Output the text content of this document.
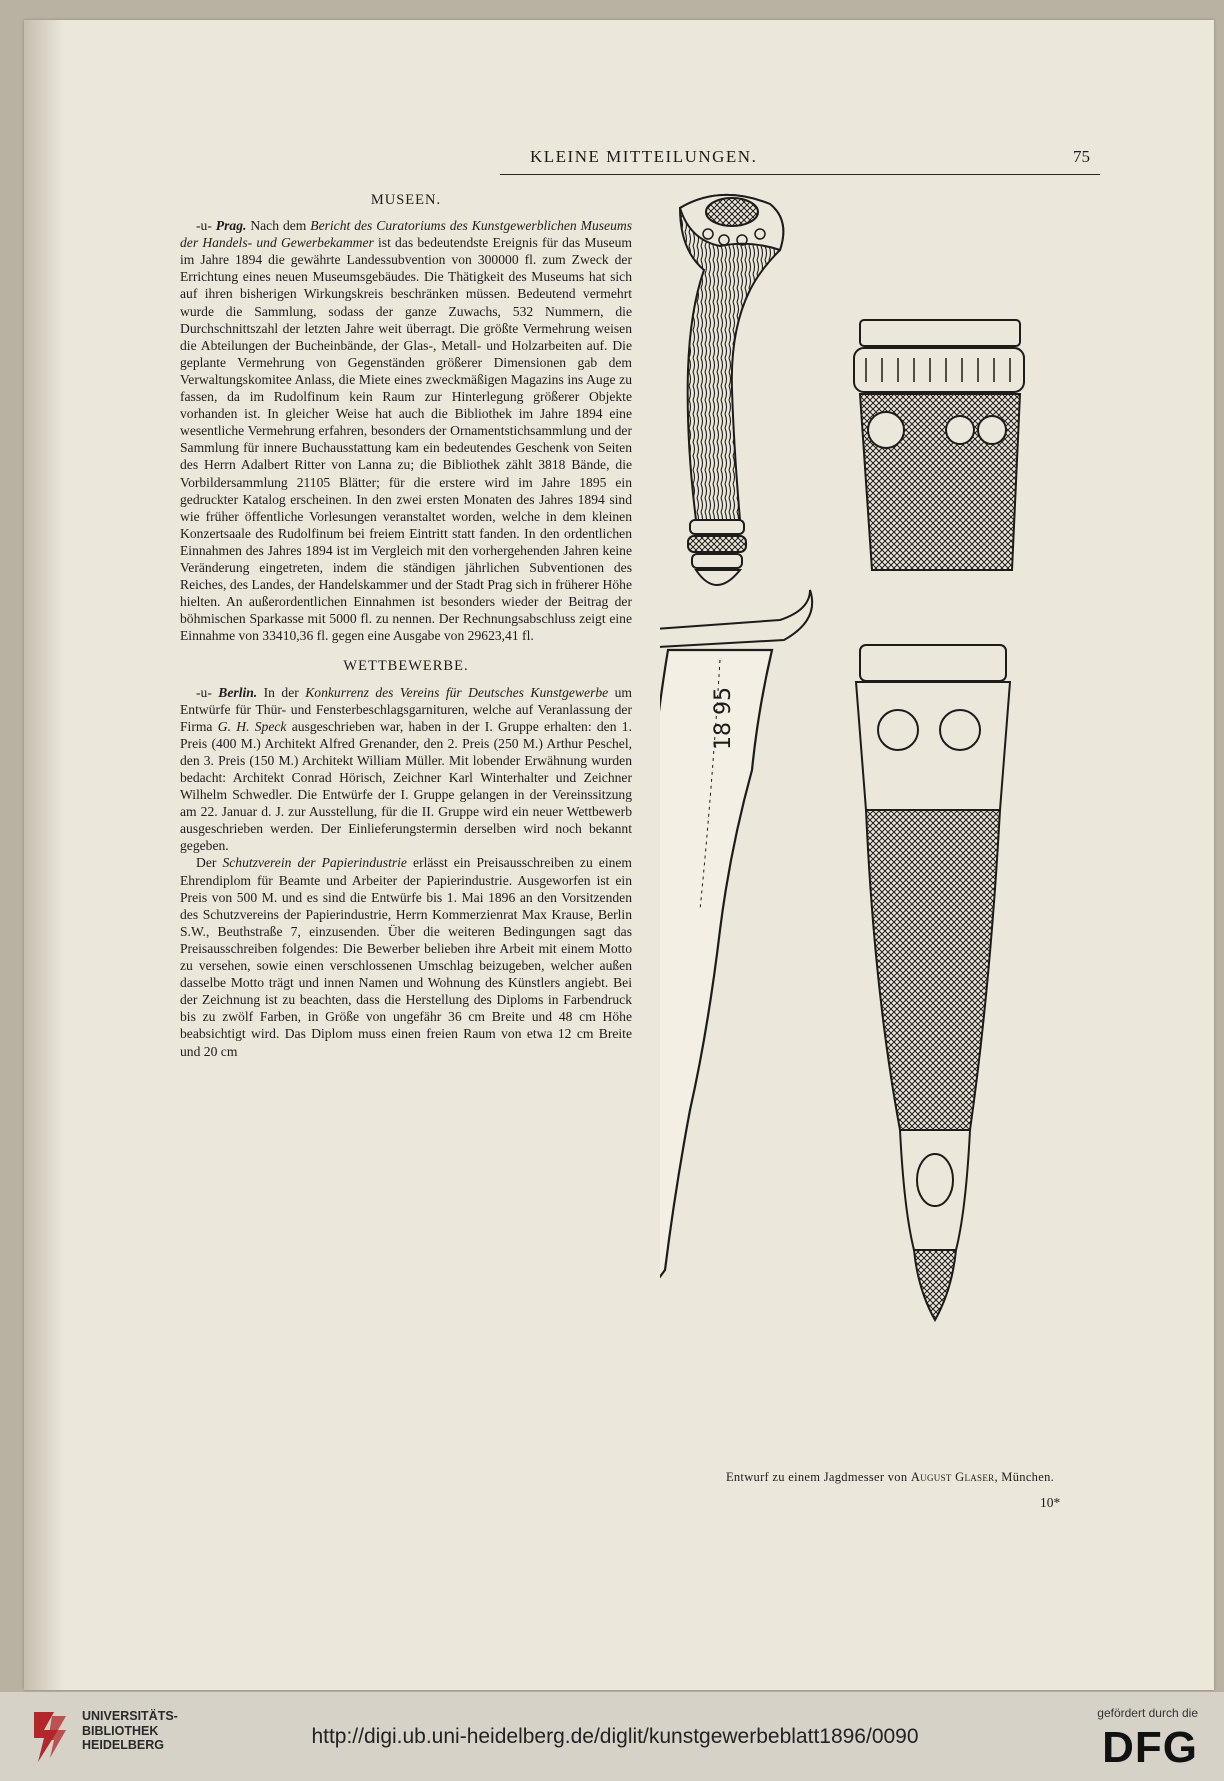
KLEINE MITTEILUNGEN.	75
MUSEEN.

-u- Prag. Nach dem Bericht des Curatoriums des Kunstgewerblichen Museums der Handels- und Gewerbekammer ist das bedeutendste Ereignis für das Museum im Jahre 1894 die gewährte Landessubvention von 300000 fl. zum Zweck der Errichtung eines neuen Museumsgebäudes. Die Thätigkeit des Museums hat sich auf ihren bisherigen Wirkungskreis beschränken müssen. Bedeutend vermehrt wurde die Sammlung, sodass der ganze Zuwachs, 532 Nummern, die Durchschnittszahl der letzten Jahre weit überragt. Die größte Vermehrung weisen die Abteilungen der Bucheinbände, der Glas-, Metall- und Holzarbeiten auf. Die geplante Vermehrung von Gegenständen größerer Dimensionen gab dem Verwaltungskomitee Anlass, die Miete eines zweckmäßigen Magazins ins Auge zu fassen, da im Rudolfinum kein Raum zur Hinterlegung größerer Objekte vorhanden ist. In gleicher Weise hat auch die Bibliothek im Jahre 1894 eine wesentliche Vermehrung erfahren, besonders der Ornamentstichsammlung und der Sammlung für innere Buchausstattung kam ein bedeutendes Geschenk von Seiten des Herrn Adalbert Ritter von Lanna zu; die Bibliothek zählt 3818 Bände, die Vorbildersammlung 21105 Blätter; für die erstere wird im Jahre 1895 ein gedruckter Katalog erscheinen. In den zwei ersten Monaten des Jahres 1894 sind wie früher öffentliche Vorlesungen veranstaltet worden, welche in dem kleinen Konzertsaale des Rudolfinum bei freiem Eintritt statt fanden. In den ordentlichen Einnahmen des Jahres 1894 ist im Vergleich mit den vorhergehenden Jahren keine Veränderung eingetreten, indem die ständigen jährlichen Subventionen des Reiches, des Landes, der Handelskammer und der Stadt Prag sich in früherer Höhe hielten. An außerordentlichen Einnahmen ist besonders wieder der Beitrag der böhmischen Sparkasse mit 5000 fl. zu nennen. Der Rechnungsabschluss zeigt eine Einnahme von 33410,36 fl. gegen eine Ausgabe von 29623,41 fl.

WETTBEWERBE.

-u- Berlin. In der Konkurrenz des Vereins für Deutsches Kunstgewerbe um Entwürfe für Thür- und Fensterbeschlagsgarnituren, welche auf Veranlassung der Firma G. H. Speck ausgeschrieben war, haben in der I. Gruppe erhalten: den 1. Preis (400 M.) Architekt Alfred Grenander, den 2. Preis (250 M.) Arthur Peschel, den 3. Preis (150 M.) Architekt William Müller. Mit lobender Erwähnung wurden bedacht: Architekt Conrad Hörisch, Zeichner Karl Winterhalter und Zeichner Wilhelm Schwedler. Die Entwürfe der I. Gruppe gelangen in der Vereinssitzung am 22. Januar d. J. zur Ausstellung, für die II. Gruppe wird ein neuer Wettbewerb ausgeschrieben werden. Der Einlieferungstermin derselben wird noch bekannt gegeben.

Der Schutzverein der Papierindustrie erlässt ein Preisausschreiben zu einem Ehrendiplom für Beamte und Arbeiter der Papierindustrie. Ausgeworfen ist ein Preis von 500 M. und es sind die Entwürfe bis 1. Mai 1896 an den Vorsitzenden des Schutzvereins der Papierindustrie, Herrn Kommerzienrat Max Krause, Berlin S.W., Beuthstraße 7, einzusenden. Über die weiteren Bedingungen sagt das Preisausschreiben folgendes: Die Bewerber belieben ihre Arbeit mit einem Motto zu versehen, sowie einen verschlossenen Umschlag beizugeben, welcher außen dasselbe Motto trägt und innen Namen und Wohnung des Künstlers angiebt. Bei der Zeichnung ist zu beachten, dass die Herstellung des Diploms in Farbendruck bis zu zwölf Farben, in Größe von ungefähr 36 cm Breite und 48 cm Höhe beabsichtigt wird. Das Diplom muss einen freien Raum von etwa 12 cm Breite und 20 cm

18 95
Entwurf zu einem Jagdmesser von August Glaser, München.
10*
UNIVERSITÄTS-
BIBLIOTHEK
HEIDELBERG	http://digi.ub.uni-heidelberg.de/diglit/kunstgewerbeblatt1896/0090
gefördert durch die
DFG
